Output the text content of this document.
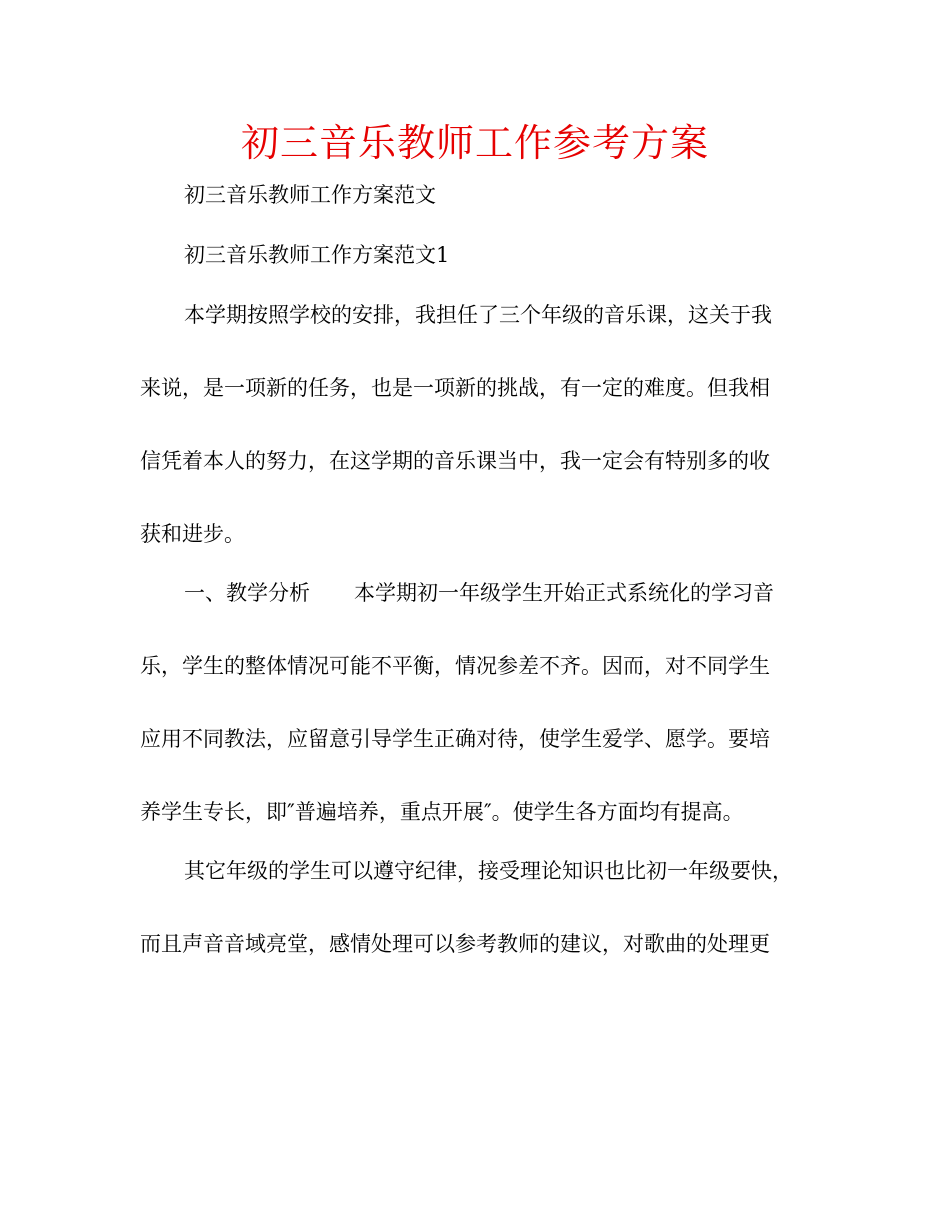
初三音乐教师工作参考方案

初三音乐教师工作方案范文

初三音乐教师工作方案范文1

本学期按照学校的安排，我担任了三个年级的音乐课，这关于我

来说，是一项新的任务，也是一项新的挑战，有一定的难度。但我相

信凭着本人的努力，在这学期的音乐课当中，我一定会有特别多的收

获和进步。

一、教学分析 本学期初一年级学生开始正式系统化的学习音

乐，学生的整体情况可能不平衡，情况参差不齐。因而，对不同学生

应用不同教法，应留意引导学生正确对待，使学生爱学、愿学。要培

养学生专长，即″普遍培养，重点开展″。使学生各方面均有提高。

其它年级的学生可以遵守纪律，接受理论知识也比初一年级要快，

而且声音音域亮堂，感情处理可以参考教师的建议，对歌曲的处理更
